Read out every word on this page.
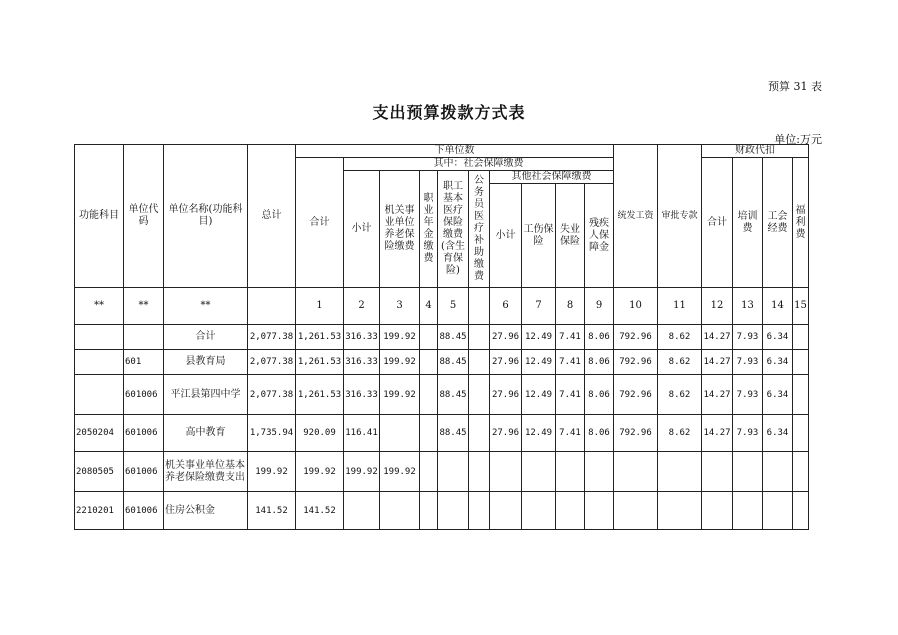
预算 31 表
支出预算拨款方式表
单位:万元
功能科目	单位代码	单位名称(功能科目)	总计	下单位数										统发工资	审批专款	财政代扣			
				合计	其中：社会保障缴费											合计	培训费	工会经费	福利费
					小计	机关事业单位养老保险缴费	职业年金缴费	职工基本医疗保险缴费(含生育保险)	公务员医疗补助缴费	其他社会保障缴费									
										小计	工伤保险	失业保险	残疾人保障金						
**	**	**		1	2	3	4	5		6	7	8	9	10	11	12	13	14	15
		合计	2,077.38	1,261.53	316.33	199.92		88.45		27.96	12.49	7.41	8.06	792.96	8.62	14.27	7.93	6.34	
	601	县教育局	2,077.38	1,261.53	316.33	199.92		88.45		27.96	12.49	7.41	8.06	792.96	8.62	14.27	7.93	6.34	
	601006	平江县第四中学	2,077.38	1,261.53	316.33	199.92		88.45		27.96	12.49	7.41	8.06	792.96	8.62	14.27	7.93	6.34	
2050204	601006	高中教育	1,735.94	920.09	116.41			88.45		27.96	12.49	7.41	8.06	792.96	8.62	14.27	7.93	6.34	
2080505	601006	机关事业单位基本养老保险缴费支出	199.92	199.92	199.92	199.92													
2210201	601006	住房公积金	141.52	141.52															
